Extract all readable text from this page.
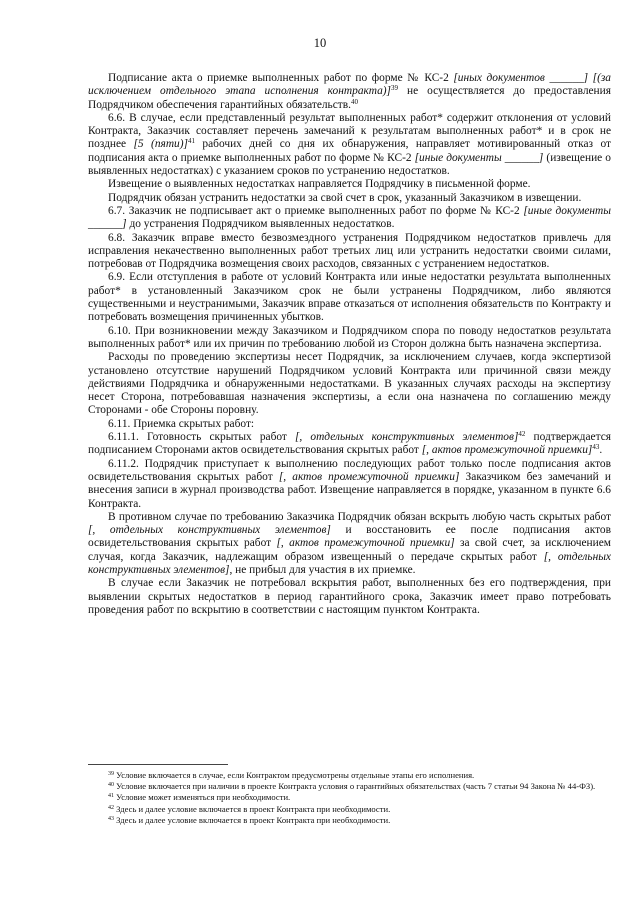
10

Подписание акта о приемке выполненных работ по форме № КС-2 [иных документов ______] [(за исключением отдельного этапа исполнения контракта)]$^{39}$ не осуществляется до предоставления Подрядчиком обеспечения гарантийных обязательств.$^{40}$

6.6. В случае, если представленный результат выполненных работ* содержит отклонения от условий Контракта, Заказчик составляет перечень замечаний к результатам выполненных работ* и в срок не позднее [5 (пяти)]$^{41}$ рабочих дней со дня их обнаружения, направляет мотивированный отказ от подписания акта о приемке выполненных работ по форме № КС-2 [иные документы ______] (извещение о выявленных недостатках) с указанием сроков по устранению недостатков.

Извещение о выявленных недостатках направляется Подрядчику в письменной форме.

Подрядчик обязан устранить недостатки за свой счет в срок, указанный Заказчиком в извещении.

6.7. Заказчик не подписывает акт о приемке выполненных работ по форме № КС-2 [иные документы ______] до устранения Подрядчиком выявленных недостатков.

6.8. Заказчик вправе вместо безвозмездного устранения Подрядчиком недостатков привлечь для исправления некачественно выполненных работ третьих лиц или устранить недостатки своими силами, потребовав от Подрядчика возмещения своих расходов, связанных с устранением недостатков.

6.9. Если отступления в работе от условий Контракта или иные недостатки результата выполненных работ* в установленный Заказчиком срок не были устранены Подрядчиком, либо являются существенными и неустранимыми, Заказчик вправе отказаться от исполнения обязательств по Контракту и потребовать возмещения причиненных убытков.

6.10. При возникновении между Заказчиком и Подрядчиком спора по поводу недостатков результата выполненных работ* или их причин по требованию любой из Сторон должна быть назначена экспертиза.

Расходы по проведению экспертизы несет Подрядчик, за исключением случаев, когда экспертизой установлено отсутствие нарушений Подрядчиком условий Контракта или причинной связи между действиями Подрядчика и обнаруженными недостатками. В указанных случаях расходы на экспертизу несет Сторона, потребовавшая назначения экспертизы, а если она назначена по соглашению между Сторонами - обе Стороны поровну.

6.11. Приемка скрытых работ:

6.11.1. Готовность скрытых работ [, отдельных конструктивных элементов]$^{42}$ подтверждается подписанием Сторонами актов освидетельствования скрытых работ [, актов промежуточной приемки]$^{43}$.

6.11.2. Подрядчик приступает к выполнению последующих работ только после подписания актов освидетельствования скрытых работ [, актов промежуточной приемки] Заказчиком без замечаний и внесения записи в журнал производства работ. Извещение направляется в порядке, указанном в пункте 6.6 Контракта.

В противном случае по требованию Заказчика Подрядчик обязан вскрыть любую часть скрытых работ [, отдельных конструктивных элементов] и восстановить ее после подписания актов освидетельствования скрытых работ [, актов промежуточной приемки] за свой счет, за исключением случая, когда Заказчик, надлежащим образом извещенный о передаче скрытых работ [, отдельных конструктивных элементов], не прибыл для участия в их приемке.

В случае если Заказчик не потребовал вскрытия работ, выполненных без его подтверждения, при выявлении скрытых недостатков в период гарантийного срока, Заказчик имеет право потребовать проведения работ по вскрытию в соответствии с настоящим пунктом Контракта.

$^{39}$ Условие включается в случае, если Контрактом предусмотрены отдельные этапы его исполнения.

$^{40}$ Условие включается при наличии в проекте Контракта условия о гарантийных обязательствах (часть 7 статьи 94 Закона № 44-ФЗ).

$^{41}$ Условие может изменяться при необходимости.

$^{42}$ Здесь и далее условие включается в проект Контракта при необходимости.

$^{43}$ Здесь и далее условие включается в проект Контракта при необходимости.
